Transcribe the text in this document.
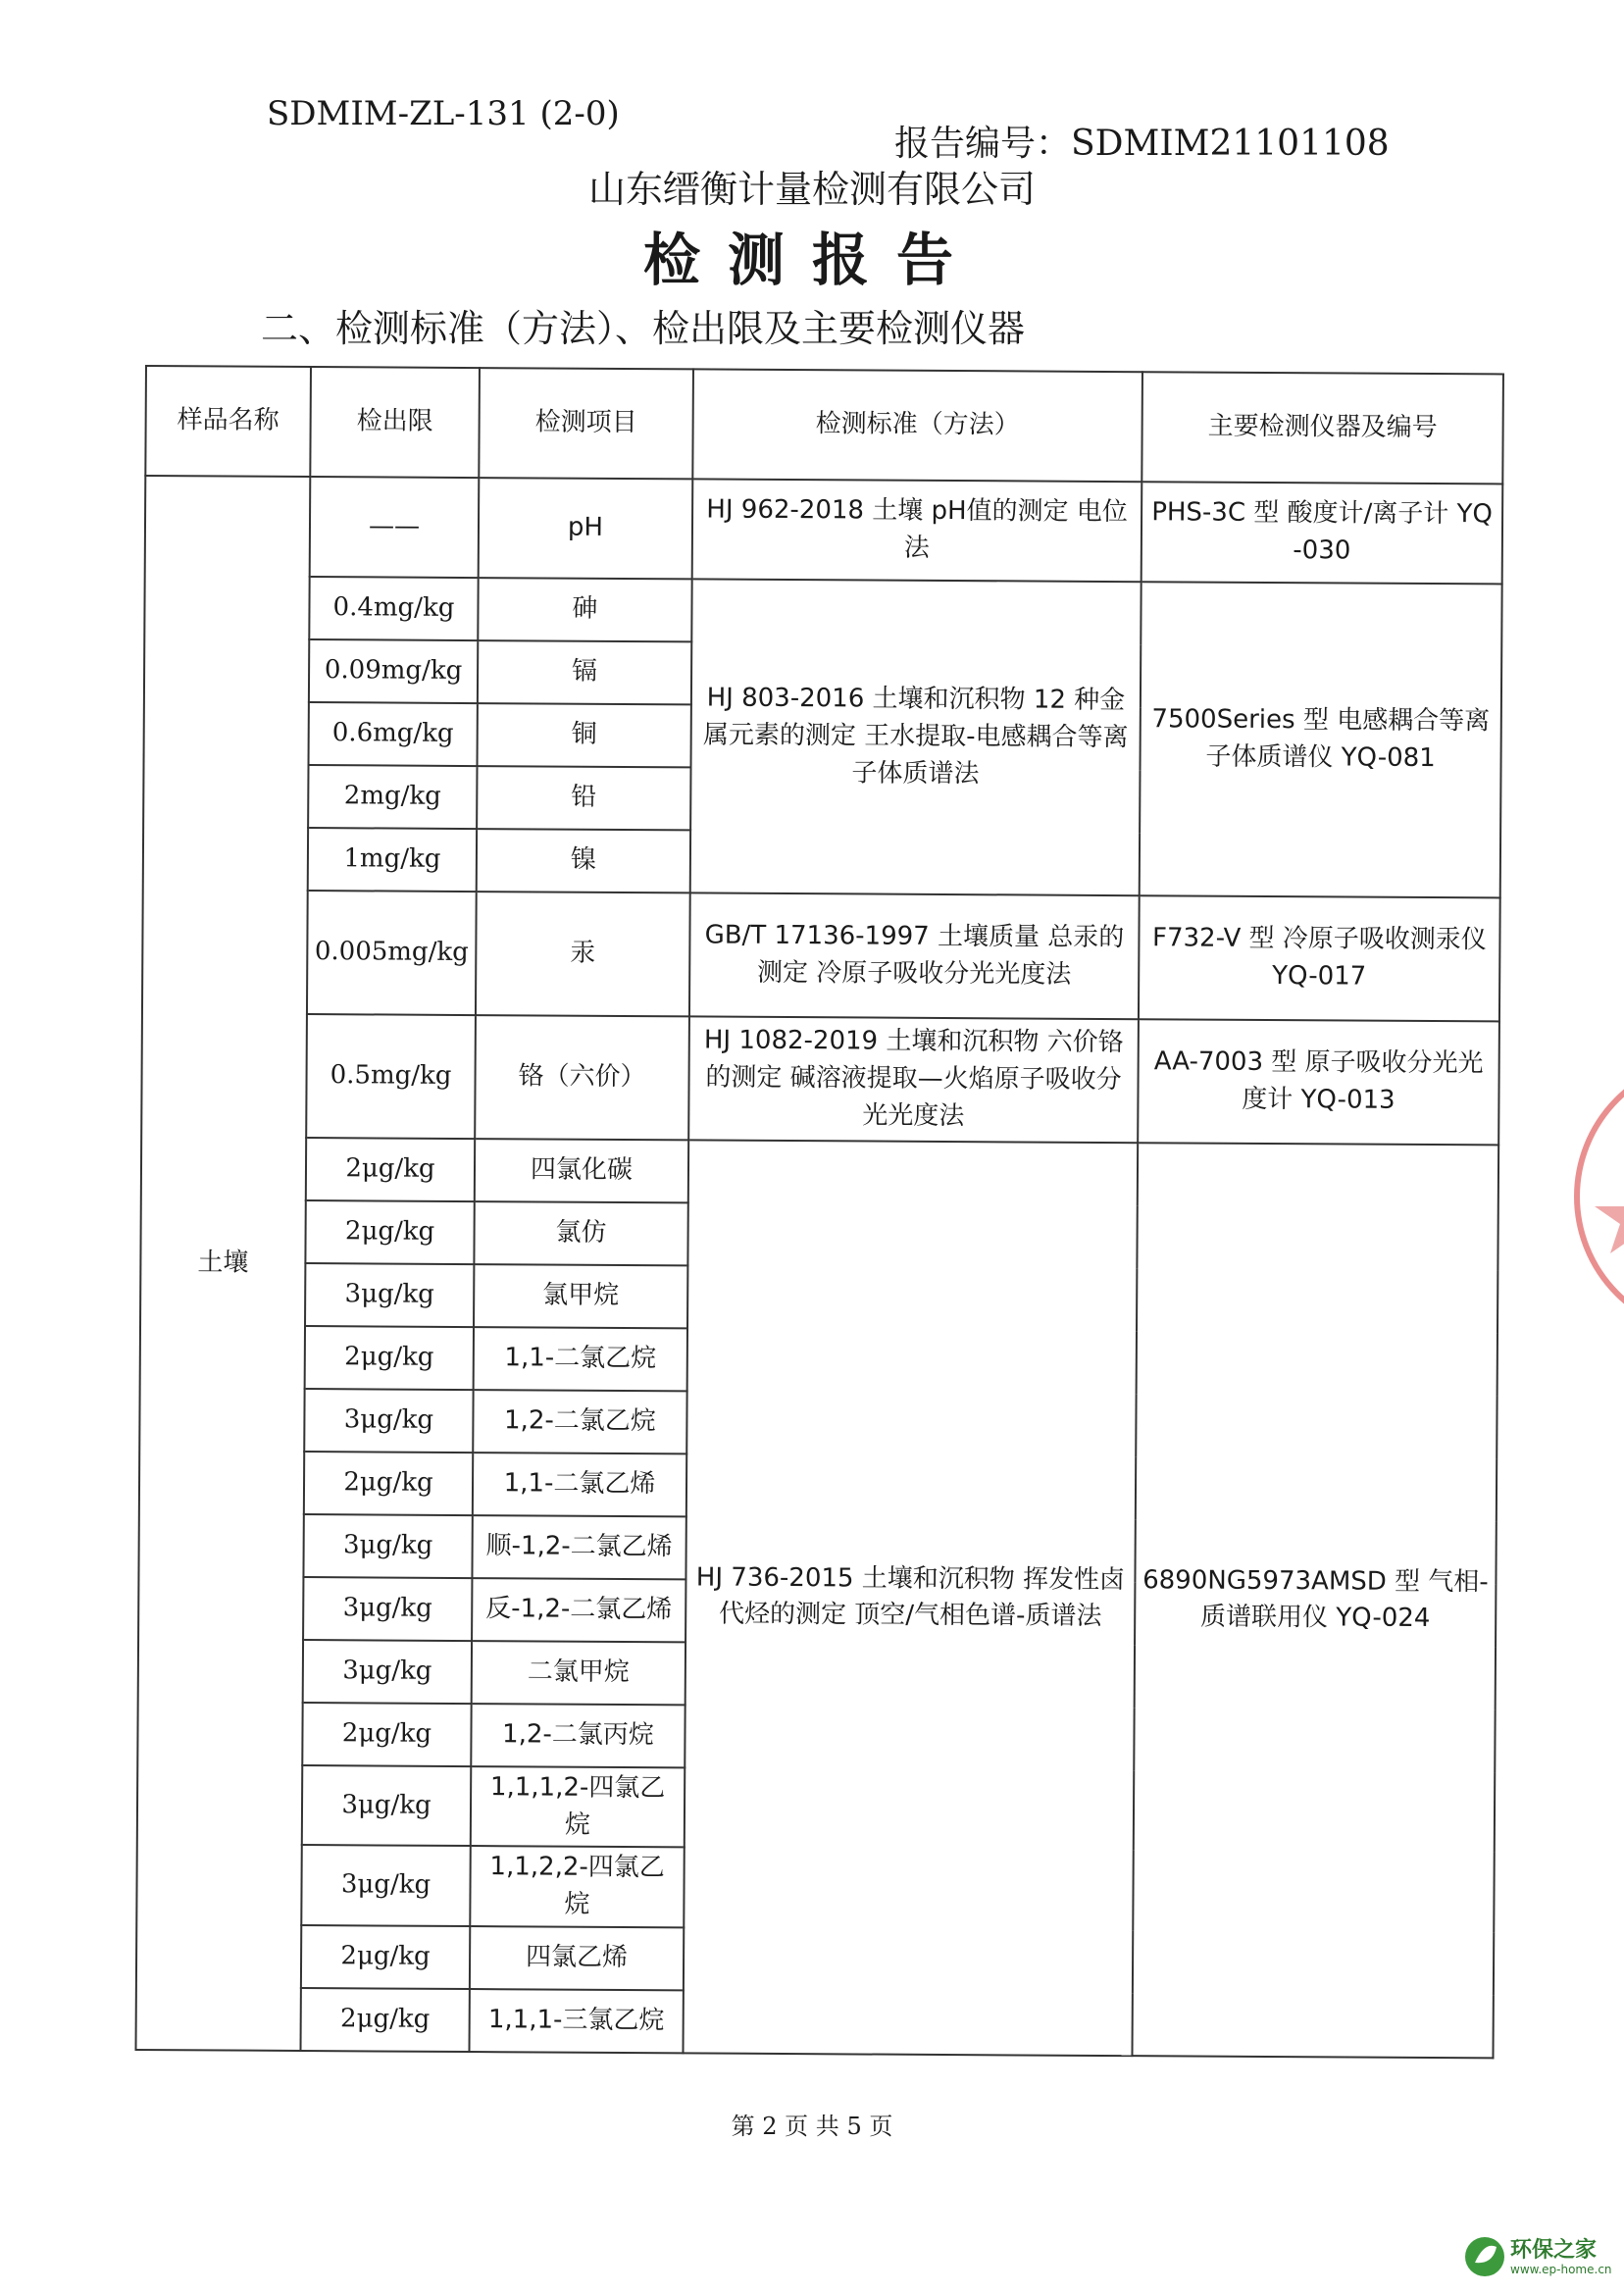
SDMIM-ZL-131 (2-0)
报告编号：SDMIM21101108
山东缙衡计量检测有限公司
检测报告
二、检测标准（方法）、检出限及主要检测仪器
样品名称	检出限	检测项目	检测标准（方法）	主要检测仪器及编号
土壤	——	pH	HJ 962-2018 土壤 pH值的测定 电位法	PHS-3C 型 酸度计/离子计 YQ-030
	0.4mg/kg	砷	HJ 803-2016 土壤和沉积物 12 种金属元素的测定 王水提取-电感耦合等离子体质谱法	7500Series 型 电感耦合等离子体质谱仪 YQ-081
	0.09mg/kg	镉		
	0.6mg/kg	铜		
	2mg/kg	铅		
	1mg/kg	镍		
	0.005mg/kg	汞	GB/T 17136-1997 土壤质量 总汞的测定 冷原子吸收分光光度法	F732-V 型 冷原子吸收测汞仪 YQ-017
	0.5mg/kg	铬（六价）	HJ 1082-2019 土壤和沉积物 六价铬的测定 碱溶液提取—火焰原子吸收分光光度法	AA-7003 型 原子吸收分光光度计 YQ-013
	2μg/kg	四氯化碳	HJ 736-2015 土壤和沉积物 挥发性卤代烃的测定 顶空/气相色谱-质谱法	6890NG5973AMSD 型 气相-质谱联用仪 YQ-024
	2μg/kg	氯仿		
	3μg/kg	氯甲烷		
	2μg/kg	1,1-二氯乙烷		
	3μg/kg	1,2-二氯乙烷		
	2μg/kg	1,1-二氯乙烯		
	3μg/kg	顺-1,2-二氯乙烯		
	3μg/kg	反-1,2-二氯乙烯		
	3μg/kg	二氯甲烷		
	2μg/kg	1,2-二氯丙烷		
	3μg/kg	1,1,1,2-四氯乙烷		
	3μg/kg	1,1,2,2-四氯乙烷		
	2μg/kg	四氯乙烯		
	2μg/kg	1,1,1-三氯乙烷		
第 2 页 共 5 页
环保之家
www.ep-home.cn
